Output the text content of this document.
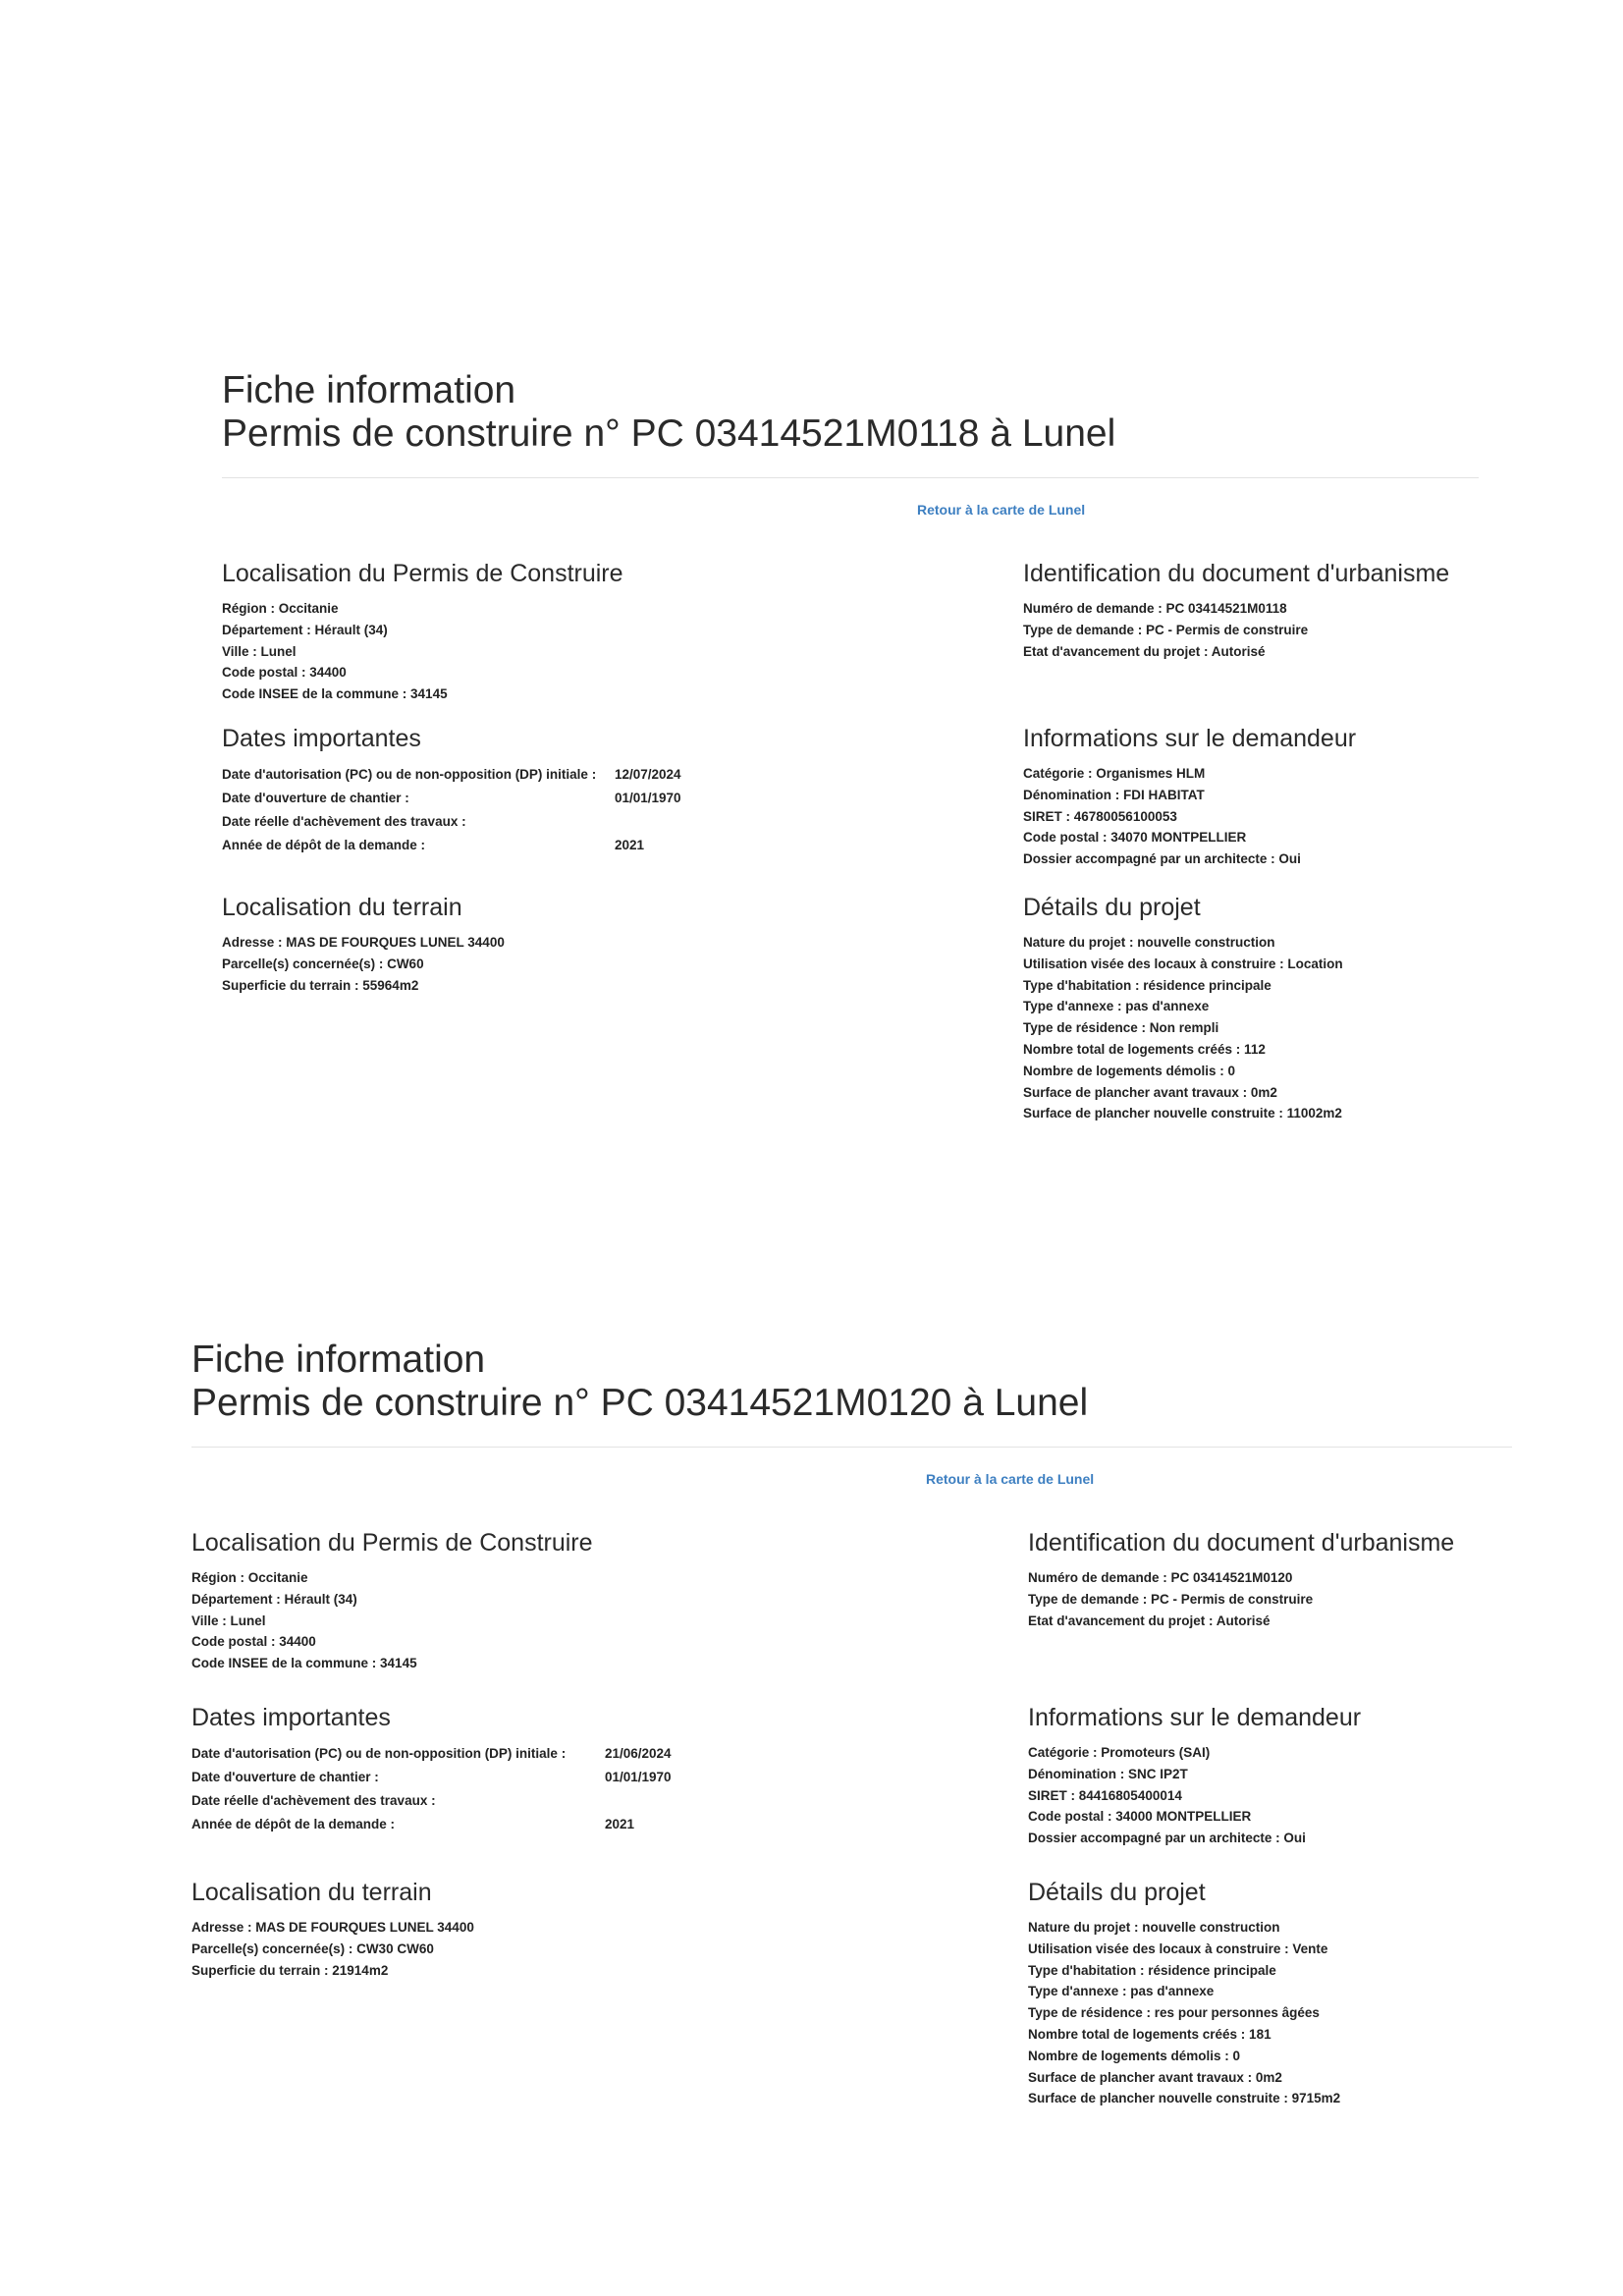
Fiche information
Permis de construire n° PC 03414521M0118 à Lunel
Retour à la carte de Lunel
Localisation du Permis de Construire
Région : Occitanie
Département : Hérault (34)
Ville : Lunel
Code postal : 34400
Code INSEE de la commune : 34145
Dates importantes
Date d'autorisation (PC) ou de non-opposition (DP) initiale : 12/07/2024
Date d'ouverture de chantier :	01/01/1970
Date réelle d'achèvement des travaux :
Année de dépôt de la demande :	2021
Localisation du terrain
Adresse : MAS DE FOURQUES LUNEL 34400
Parcelle(s) concernée(s) : CW60
Superficie du terrain : 55964m2
Identification du document d'urbanisme
Numéro de demande : PC 03414521M0118
Type de demande : PC - Permis de construire
Etat d'avancement du projet : Autorisé
Informations sur le demandeur
Catégorie : Organismes HLM
Dénomination : FDI HABITAT
SIRET : 46780056100053
Code postal : 34070 MONTPELLIER
Dossier accompagné par un architecte : Oui
Détails du projet
Nature du projet : nouvelle construction
Utilisation visée des locaux à construire : Location
Type d'habitation : résidence principale
Type d'annexe : pas d'annexe
Type de résidence : Non rempli
Nombre total de logements créés : 112
Nombre de logements démolis : 0
Surface de plancher avant travaux : 0m2
Surface de plancher nouvelle construite : 11002m2
Fiche information
Permis de construire n° PC 03414521M0120 à Lunel
Retour à la carte de Lunel
Localisation du Permis de Construire
Région : Occitanie
Département : Hérault (34)
Ville : Lunel
Code postal : 34400
Code INSEE de la commune : 34145
Dates importantes
Date d'autorisation (PC) ou de non-opposition (DP) initiale :	21/06/2024
Date d'ouverture de chantier :	01/01/1970
Date réelle d'achèvement des travaux :
Année de dépôt de la demande :	2021
Localisation du terrain
Adresse : MAS DE FOURQUES LUNEL 34400
Parcelle(s) concernée(s) : CW30 CW60
Superficie du terrain : 21914m2
Identification du document d'urbanisme
Numéro de demande : PC 03414521M0120
Type de demande : PC - Permis de construire
Etat d'avancement du projet : Autorisé
Informations sur le demandeur
Catégorie : Promoteurs (SAI)
Dénomination : SNC IP2T
SIRET : 84416805400014
Code postal : 34000 MONTPELLIER
Dossier accompagné par un architecte : Oui
Détails du projet
Nature du projet : nouvelle construction
Utilisation visée des locaux à construire : Vente
Type d'habitation : résidence principale
Type d'annexe : pas d'annexe
Type de résidence : res pour personnes âgées
Nombre total de logements créés : 181
Nombre de logements démolis : 0
Surface de plancher avant travaux : 0m2
Surface de plancher nouvelle construite : 9715m2
